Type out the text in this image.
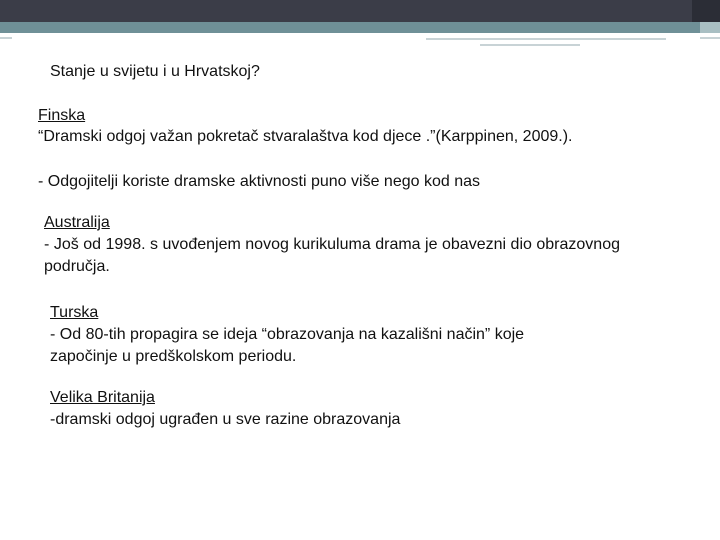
Stanje u svijetu i u Hrvatskoj?
Finska
“Dramski odgoj važan pokretač stvaralaštva kod djece .”(Karppinen, 2009.).
- Odgojitelji koriste dramske aktivnosti puno više nego kod nas
Australija
- Još od 1998. s uvođenjem novog kurikuluma drama je obavezni dio obrazovnog područja.
Turska
- Od 80-tih propagira se ideja “obrazovanja na kazališni način” koje započinje u predškolskom periodu.
Velika Britanija
-dramski odgoj ugrađen u sve razine obrazovanja
